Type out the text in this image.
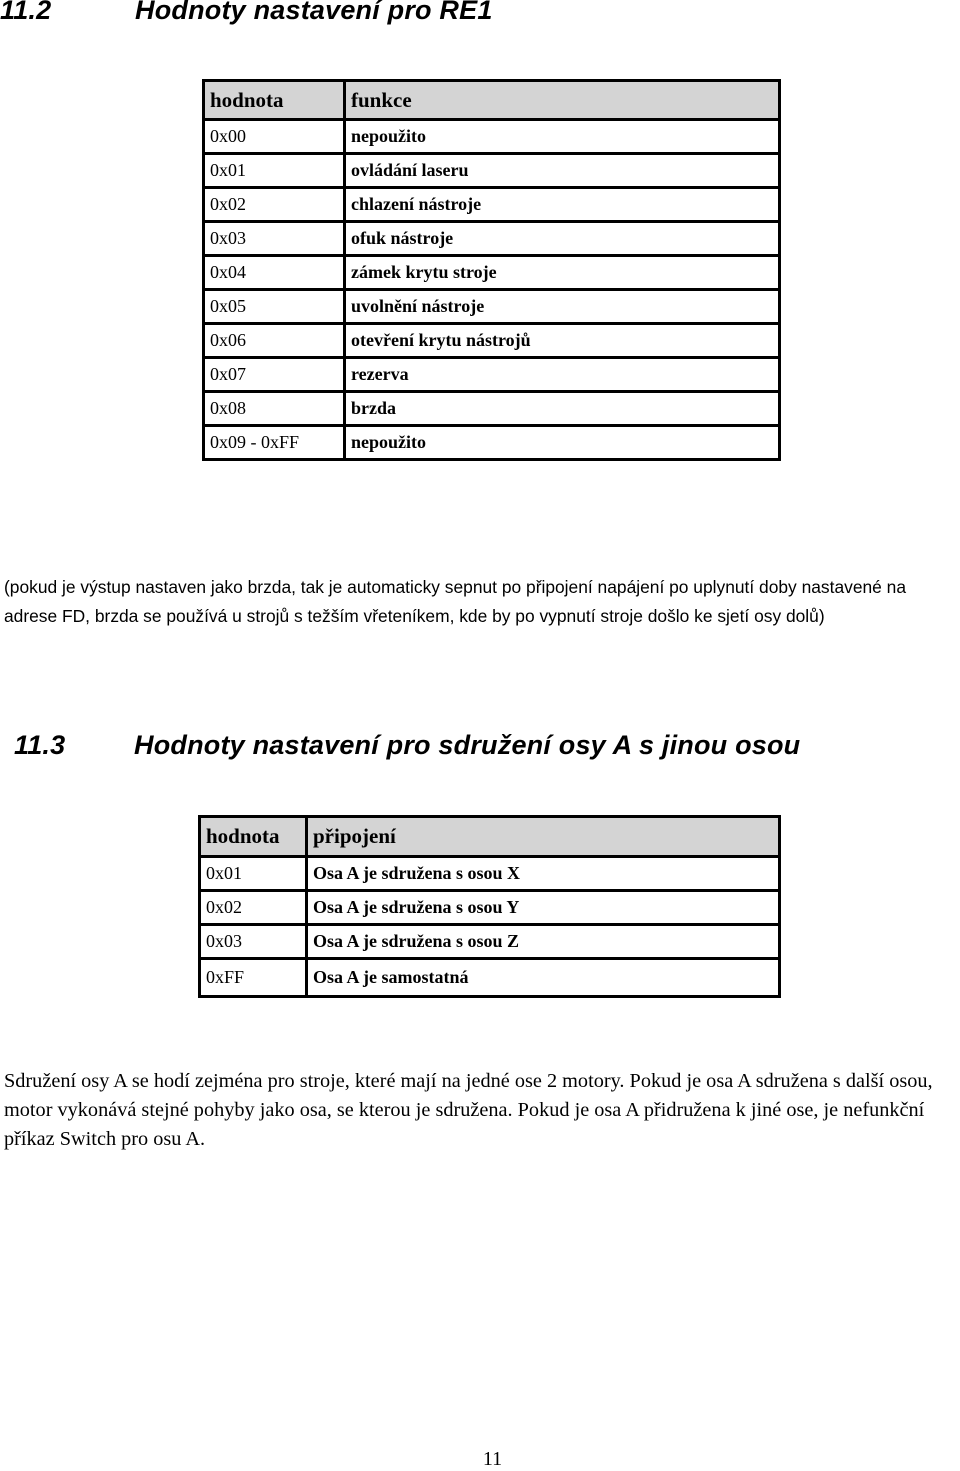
11.2	Hodnoty nastavení pro RE1
hodnota	funkce
0x00	nepoužito
0x01	ovládání laseru
0x02	chlazení nástroje
0x03	ofuk nástroje
0x04	zámek krytu stroje
0x05	uvolnění nástroje
0x06	otevření krytu nástrojů
0x07	rezerva
0x08	brzda
0x09 - 0xFF	nepoužito

(pokud je výstup nastaven jako brzda, tak je automaticky sepnut po připojení napájení po uplynutí doby nastavené na adrese FD, brzda se používá u strojů s težším vřeteníkem, kde by po vypnutí stroje došlo ke sjetí osy dolů)

11.3	Hodnoty nastavení pro sdružení osy A s jinou osou
hodnota	připojení
0x01	Osa A je sdružena s osou X
0x02	Osa A je sdružena s osou Y
0x03	Osa A je sdružena s osou Z
0xFF	Osa A je samostatná

Sdružení osy A se hodí zejména pro stroje, které mají na jedné ose 2 motory. Pokud je osa A sdružena s další osou, motor vykonává stejné pohyby jako osa, se kterou je sdružena. Pokud je osa A přidružena k jiné ose, je nefunkční příkaz Switch pro osu A.

11
